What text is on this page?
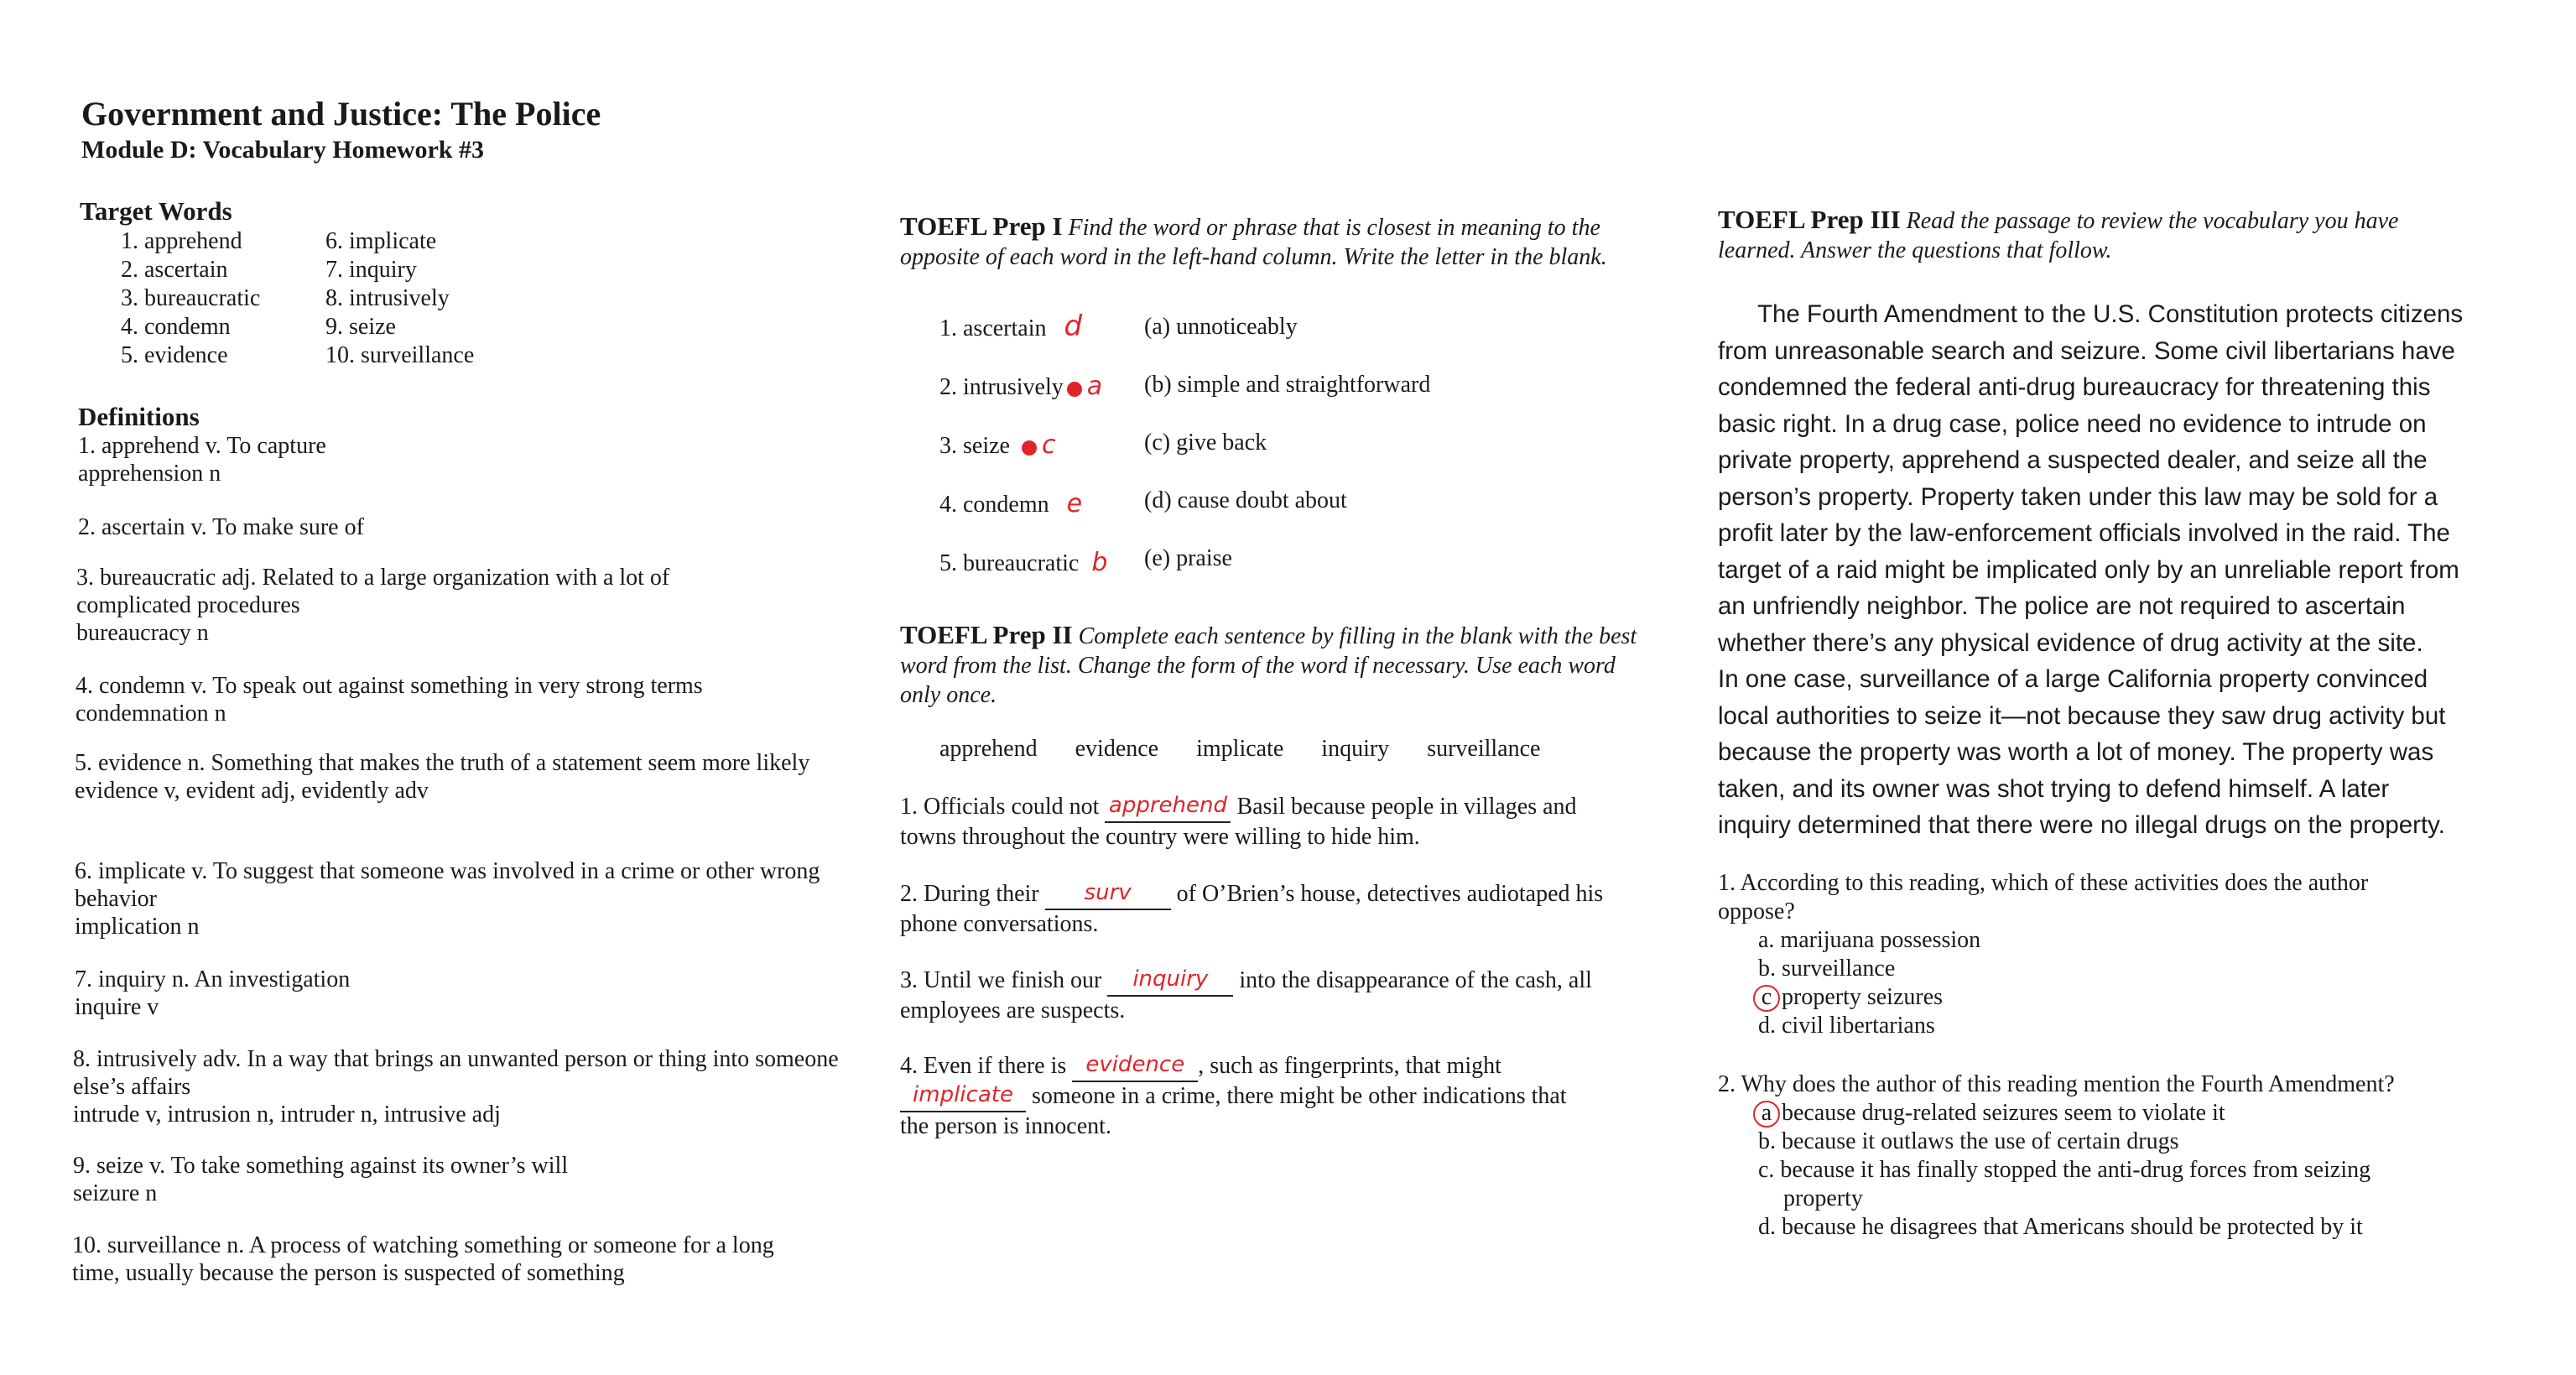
Government and Justice: The Police
Module D: Vocabulary Homework #3
Target Words
1. apprehend
2. ascertain
3. bureaucratic
4. condemn
5. evidence
6. implicate
7. inquiry
8. intrusively
9. seize
10. surveillance
Definitions
1. apprehend v. To capture
apprehension n
2. ascertain v. To make sure of
3. bureaucratic adj. Related to a large organization with a lot of complicated procedures
bureaucracy n
4. condemn v. To speak out against something in very strong terms
condemnation n
5. evidence n. Something that makes the truth of a statement seem more likely
evidence v, evident adj, evidently adv
6. implicate v. To suggest that someone was involved in a crime or other wrong behavior
implication n
7. inquiry n. An investigation
inquire v
8. intrusively adv. In a way that brings an unwanted person or thing into someone else’s affairs
intrude v, intrusion n, intruder n, intrusive adj
9. seize v. To take something against its owner’s will
seizure n
10. surveillance n. A process of watching something or someone for a long time, usually because the person is suspected of something
TOEFL Prep I Find the word or phrase that is closest in meaning to the opposite of each word in the left-hand column. Write the letter in the blank.
1. ascertain d
2. intrusively a
3. seize c
4. condemn e
5. bureaucratic b
(a) unnoticeably
(b) simple and straightforward
(c) give back
(d) cause doubt about
(e) praise
TOEFL Prep II Complete each sentence by filling in the blank with the best word from the list. Change the form of the word if necessary. Use each word only once.
apprehend evidence implicate inquiry surveillance
1. Officials could not apprehend Basil because people in villages and
towns throughout the country were willing to hide him.
2. During their	surv	of O’Brien’s house, detectives audiotaped his
phone conversations.
3. Until we finish our	inquiry	into the disappearance of the cash, all
employees are suspects.
4. Even if there is evidence , such as fingerprints, that might
implicate someone in a crime, there might be other indications that
the person is innocent.
TOEFL Prep III Read the passage to review the vocabulary you have learned. Answer the questions that follow.
The Fourth Amendment to the U.S. Constitution protects citizens
from unreasonable search and seizure. Some civil libertarians have
condemned the federal anti-drug bureaucracy for threatening this
basic right. In a drug case, police need no evidence to intrude on
private property, apprehend a suspected dealer, and seize all the
person’s property. Property taken under this law may be sold for a
profit later by the law-enforcement officials involved in the raid. The
target of a raid might be implicated only by an unreliable report from
an unfriendly neighbor. The police are not required to ascertain
whether there’s any physical evidence of drug activity at the site.
In one case, surveillance of a large California property convinced
local authorities to seize it—not because they saw drug activity but
because the property was worth a lot of money. The property was
taken, and its owner was shot trying to defend himself. A later
inquiry determined that there were no illegal drugs on the property.
1. According to this reading, which of these activities does the author
oppose?
a. marijuana possession
b. surveillance
c property seizures
d. civil libertarians
2. Why does the author of this reading mention the Fourth Amendment?
a because drug-related seizures seem to violate it
b. because it outlaws the use of certain drugs
c. because it has finally stopped the anti-drug forces from seizing
property
d. because he disagrees that Americans should be protected by it
